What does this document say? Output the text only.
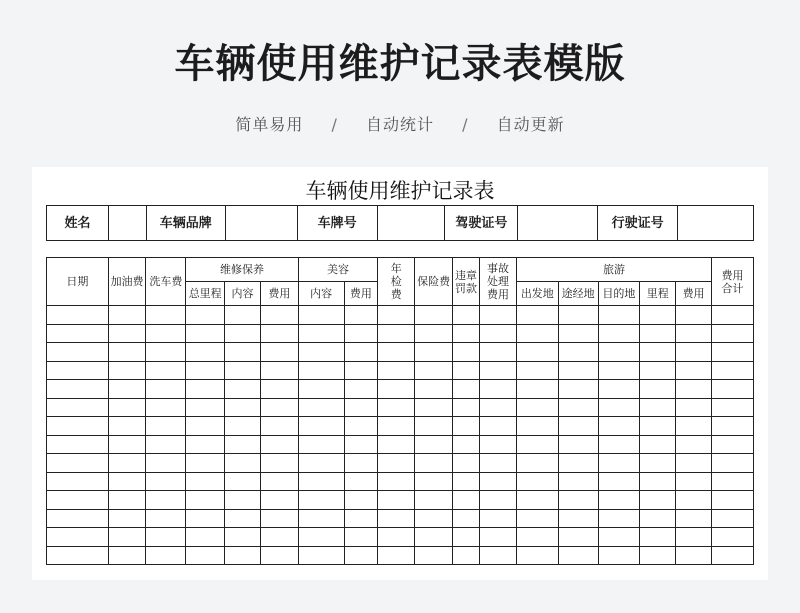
车辆使用维护记录表模版
简单易用 / 自动统计 / 自动更新
车辆使用维护记录表
姓名		车辆品牌		车牌号		驾驶证号		行驶证号	
日期	加油费	洗车费	维修保养			美容		年检费	保险费	违章罚款	事故处理费用	旅游					费用合计

			总里程	内容	费用	内容	费用					出发地	途经地	目的地	里程	费用	
